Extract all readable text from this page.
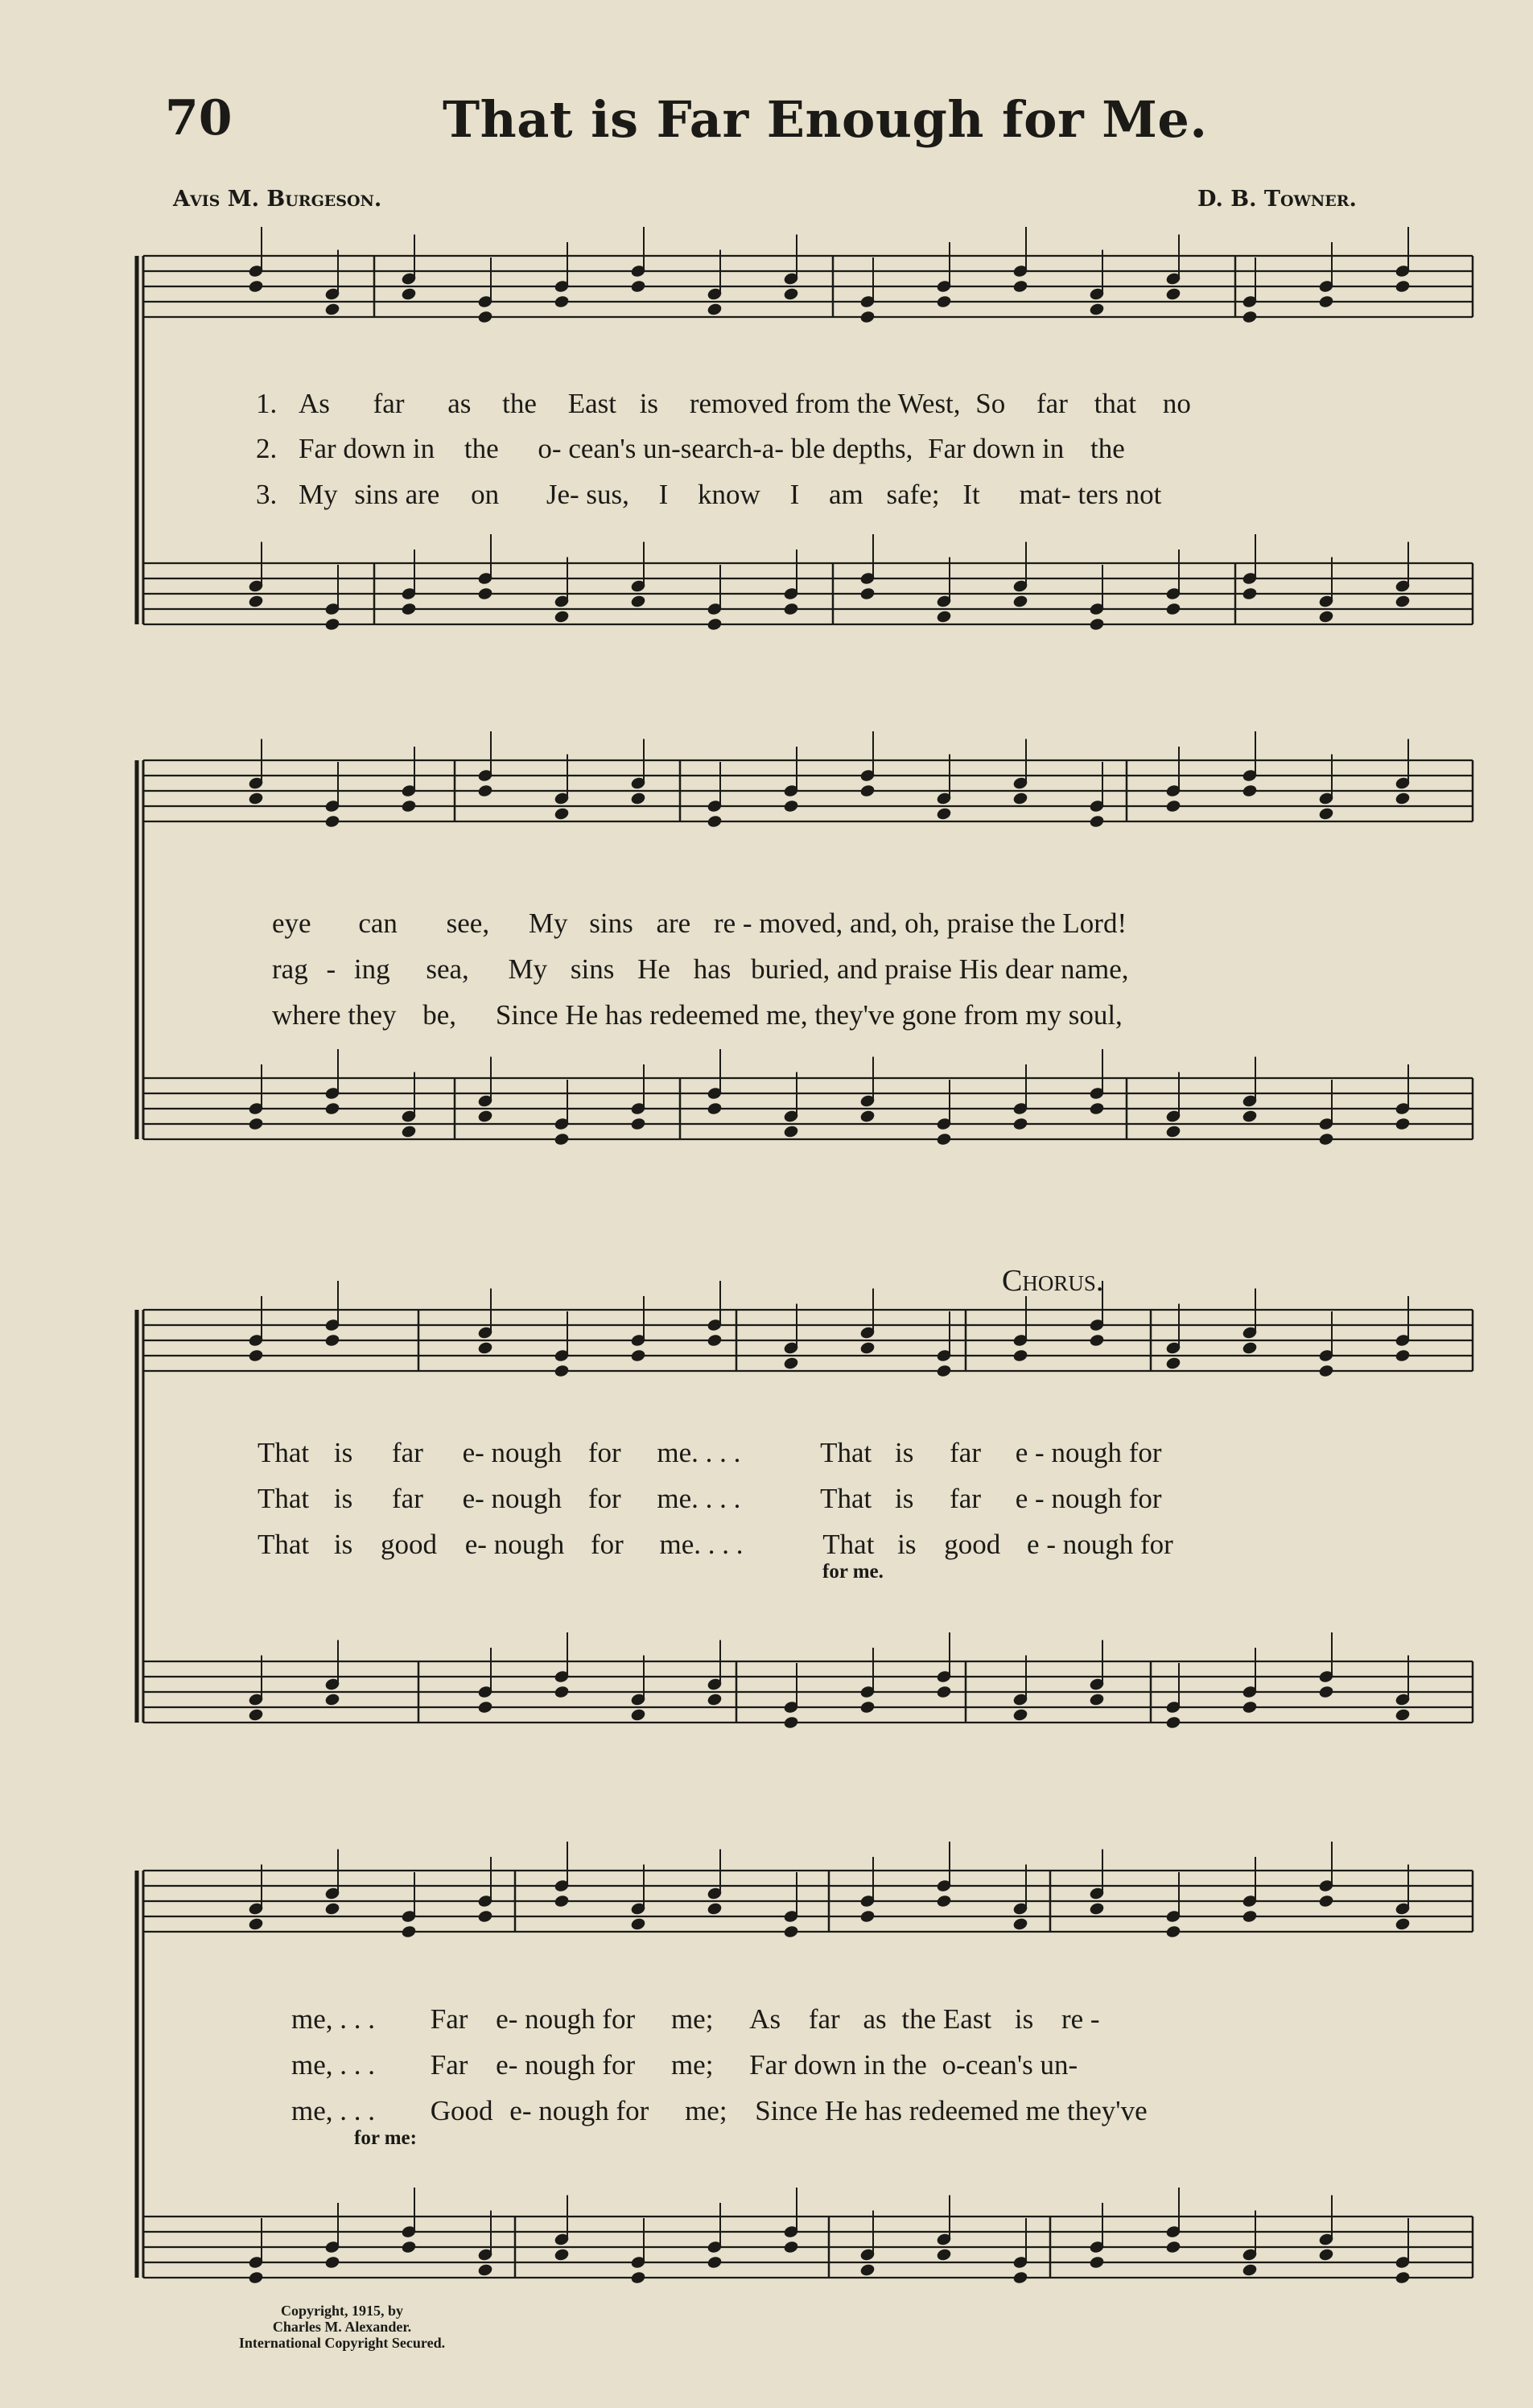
70	That is Far Enough for Me.
Avis M. Burgeson.	D. B. Towner.
1. As far as the East is removed from the West, So far that no
2. Far down in the o- cean's un-search-a- ble depths, Far down in the
3. My sins are on Je- sus, I know I am safe; It mat- ters not
eye can see, My sins are re - moved, and, oh, praise the Lord!
rag - ing sea, My sins He has buried, and praise His dear name,
where they be, Since He has redeemed me, they've gone from my soul,
Chorus.
That is far e- nough for me. . . .	That is far e - nough for
That is far e- nough for me. . . .	That is far e - nough for
That is good e- nough for me. . . .	That is good e - nough for
for me.
me, . . . Far e- nough for me; As far as the East is re -
me, . . . Far e- nough for me; Far down in the o-cean's un-
me, . . . Good e- nough for me; Since He has redeemed me they've
for me:
Copyright, 1915, by
Charles M. Alexander.
International Copyright Secured.
